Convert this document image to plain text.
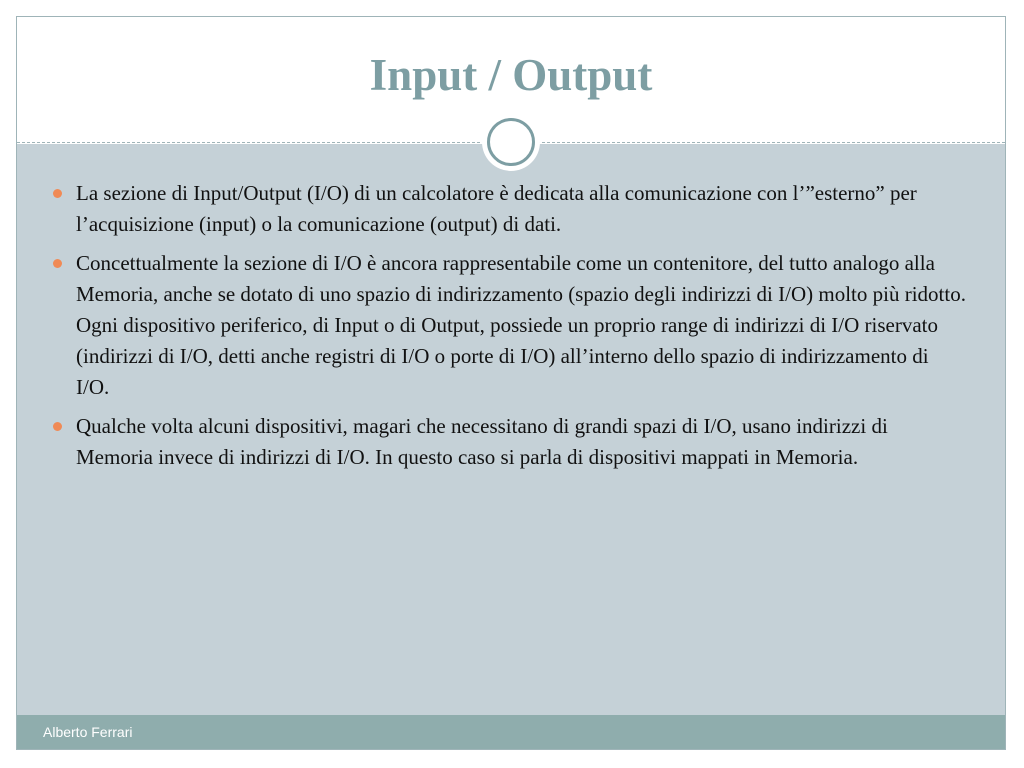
Input / Output
La sezione di Input/Output (I/O) di un calcolatore è dedicata alla comunicazione con l’”esterno” per l’acquisizione (input) o la comunicazione (output) di dati.
Concettualmente la sezione di I/O è ancora rappresentabile come un contenitore, del tutto analogo alla Memoria, anche se dotato di uno spazio di indirizzamento (spazio degli indirizzi di I/O) molto più ridotto. Ogni dispositivo periferico, di Input o di Output, possiede un proprio range di indirizzi di I/O riservato (indirizzi di I/O, detti anche registri di I/O o porte di I/O) all’interno dello spazio di indirizzamento di I/O.
Qualche volta alcuni dispositivi, magari che necessitano di grandi spazi di I/O, usano indirizzi di Memoria invece di indirizzi di I/O. In questo caso si parla di dispositivi mappati in Memoria.
Alberto Ferrari
